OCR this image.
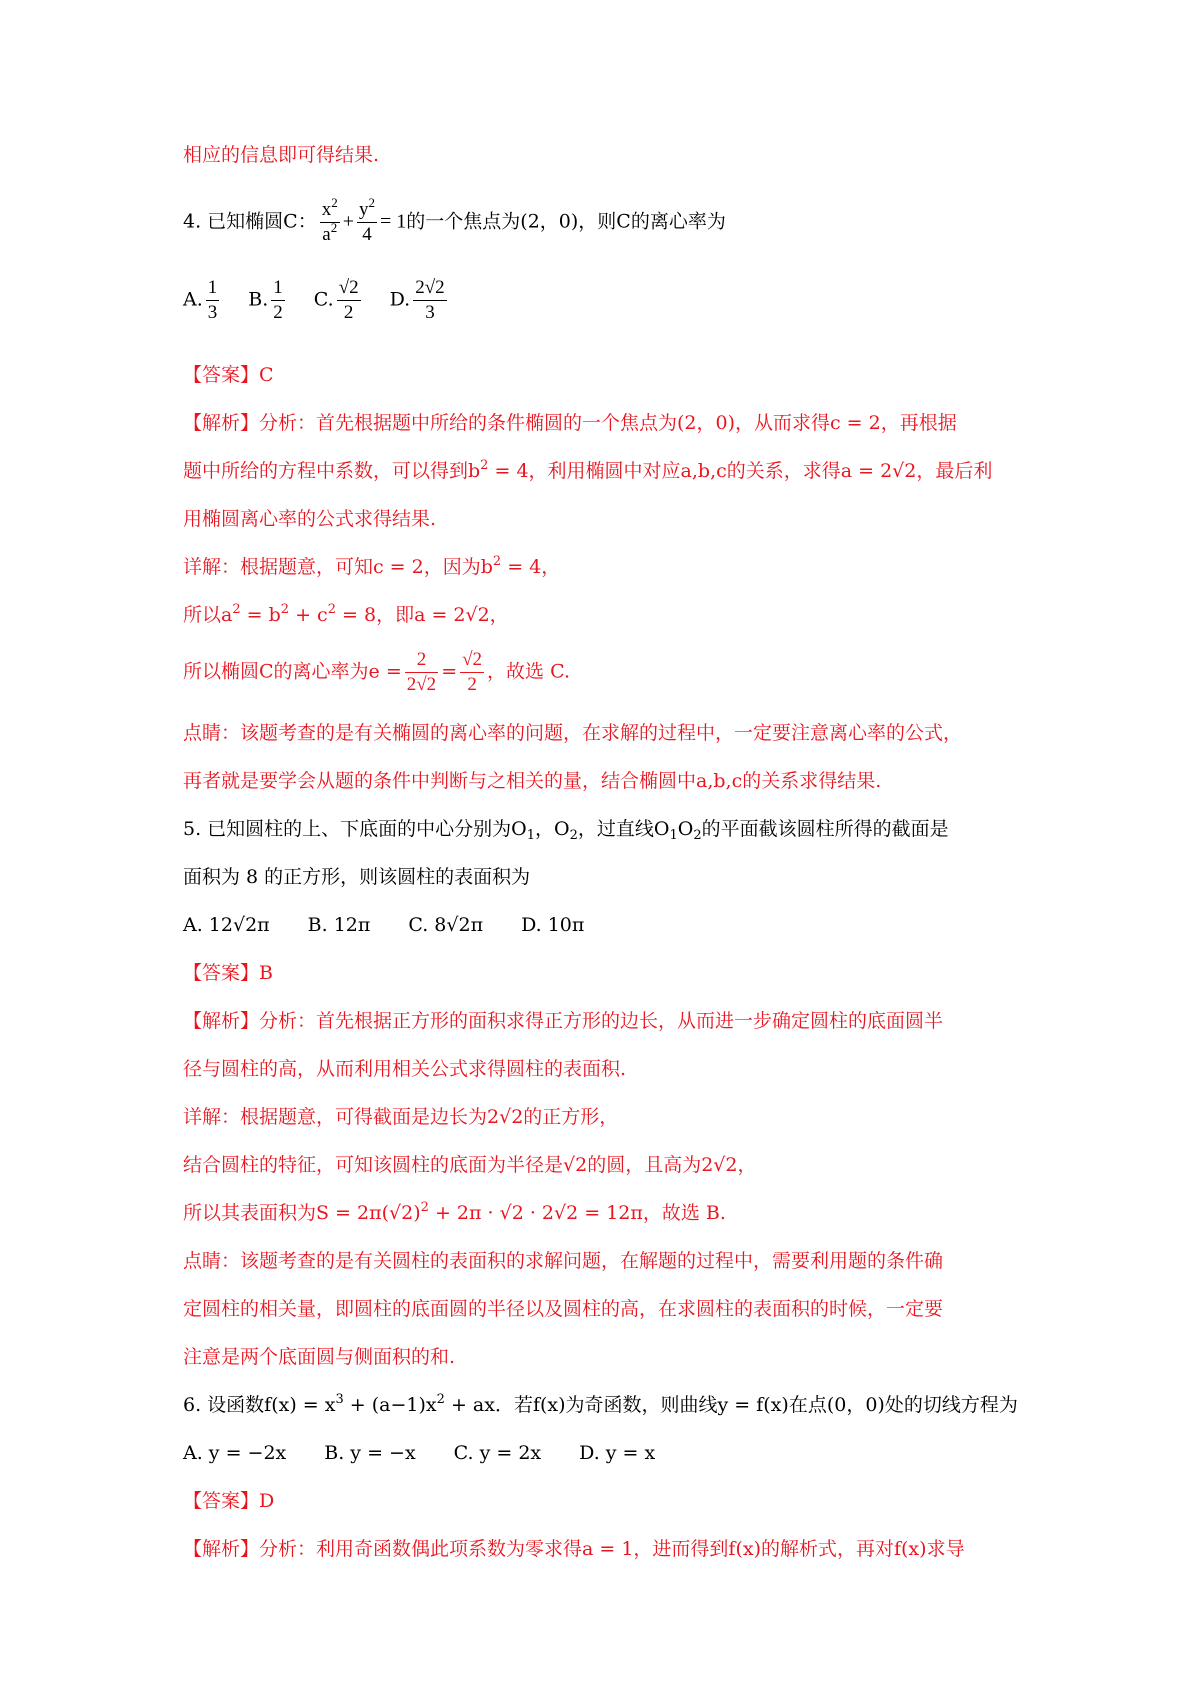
相应的信息即可得结果.
4. 已知椭圆C： $\frac{x^2}{a^2} + \frac{y^2}{4} = 1$的一个焦点为(2，0)，则C的离心率为
A. $\frac{1}{3} B$. $\frac{1}{2} C$. $\frac{√2}{2} D$. $\frac{2√2}{3}$
【答案】C
【解析】分析：首先根据题中所给的条件椭圆的一个焦点为(2，0)，从而求得c = 2，再根据
题中所给的方程中系数，可以得到$b^2 = 4$，利用椭圆中对应a,b,c的关系，求得a = 2√2，最后利
用椭圆离心率的公式求得结果.
详解：根据题意，可知c = 2，因为$b^2 = 4$，
所以$a^2 = b^2 + c^2 = 8$，即a = 2√2，
所以椭圆C的离心率为$e = \frac{2}{2√2} = \frac{√2}{2}$ ，故选 C.
点睛：该题考查的是有关椭圆的离心率的问题，在求解的过程中，一定要注意离心率的公式，
再者就是要学会从题的条件中判断与之相关的量，结合椭圆中a,b,c的关系求得结果.
5. 已知圆柱的上、下底面的中心分别为$O_1$，$O_2$，过直线$O_1O_2$的平面截该圆柱所得的截面是
面积为 8 的正方形，则该圆柱的表面积为
A. 12√2π　　B. 12π　　C. 8√2π　　D. 10π
【答案】B
【解析】分析：首先根据正方形的面积求得正方形的边长，从而进一步确定圆柱的底面圆半
径与圆柱的高，从而利用相关公式求得圆柱的表面积.
详解：根据题意，可得截面是边长为2√2的正方形，
结合圆柱的特征，可知该圆柱的底面为半径是√2的圆，且高为2√2，
所以其表面积为$S = 2\pi(√2)^2 + 2\pi \cdot √2 \cdot 2√2 = 12\pi$，故选 B.
点睛：该题考查的是有关圆柱的表面积的求解问题，在解题的过程中，需要利用题的条件确
定圆柱的相关量，即圆柱的底面圆的半径以及圆柱的高，在求圆柱的表面积的时候，一定要
注意是两个底面圆与侧面积的和.
6. 设函数$f(x) = x^3 + (a-1)x^2$ + ax．若f(x)为奇函数，则曲线y = f(x)在点(0，0)处的切线方程为
A. y = −2x　　B. y = −x　　C. y = 2x　　D. y = x
【答案】D
【解析】分析：利用奇函数偶此项系数为零求得a = 1，进而得到f(x)的解析式，再对f(x)求导
